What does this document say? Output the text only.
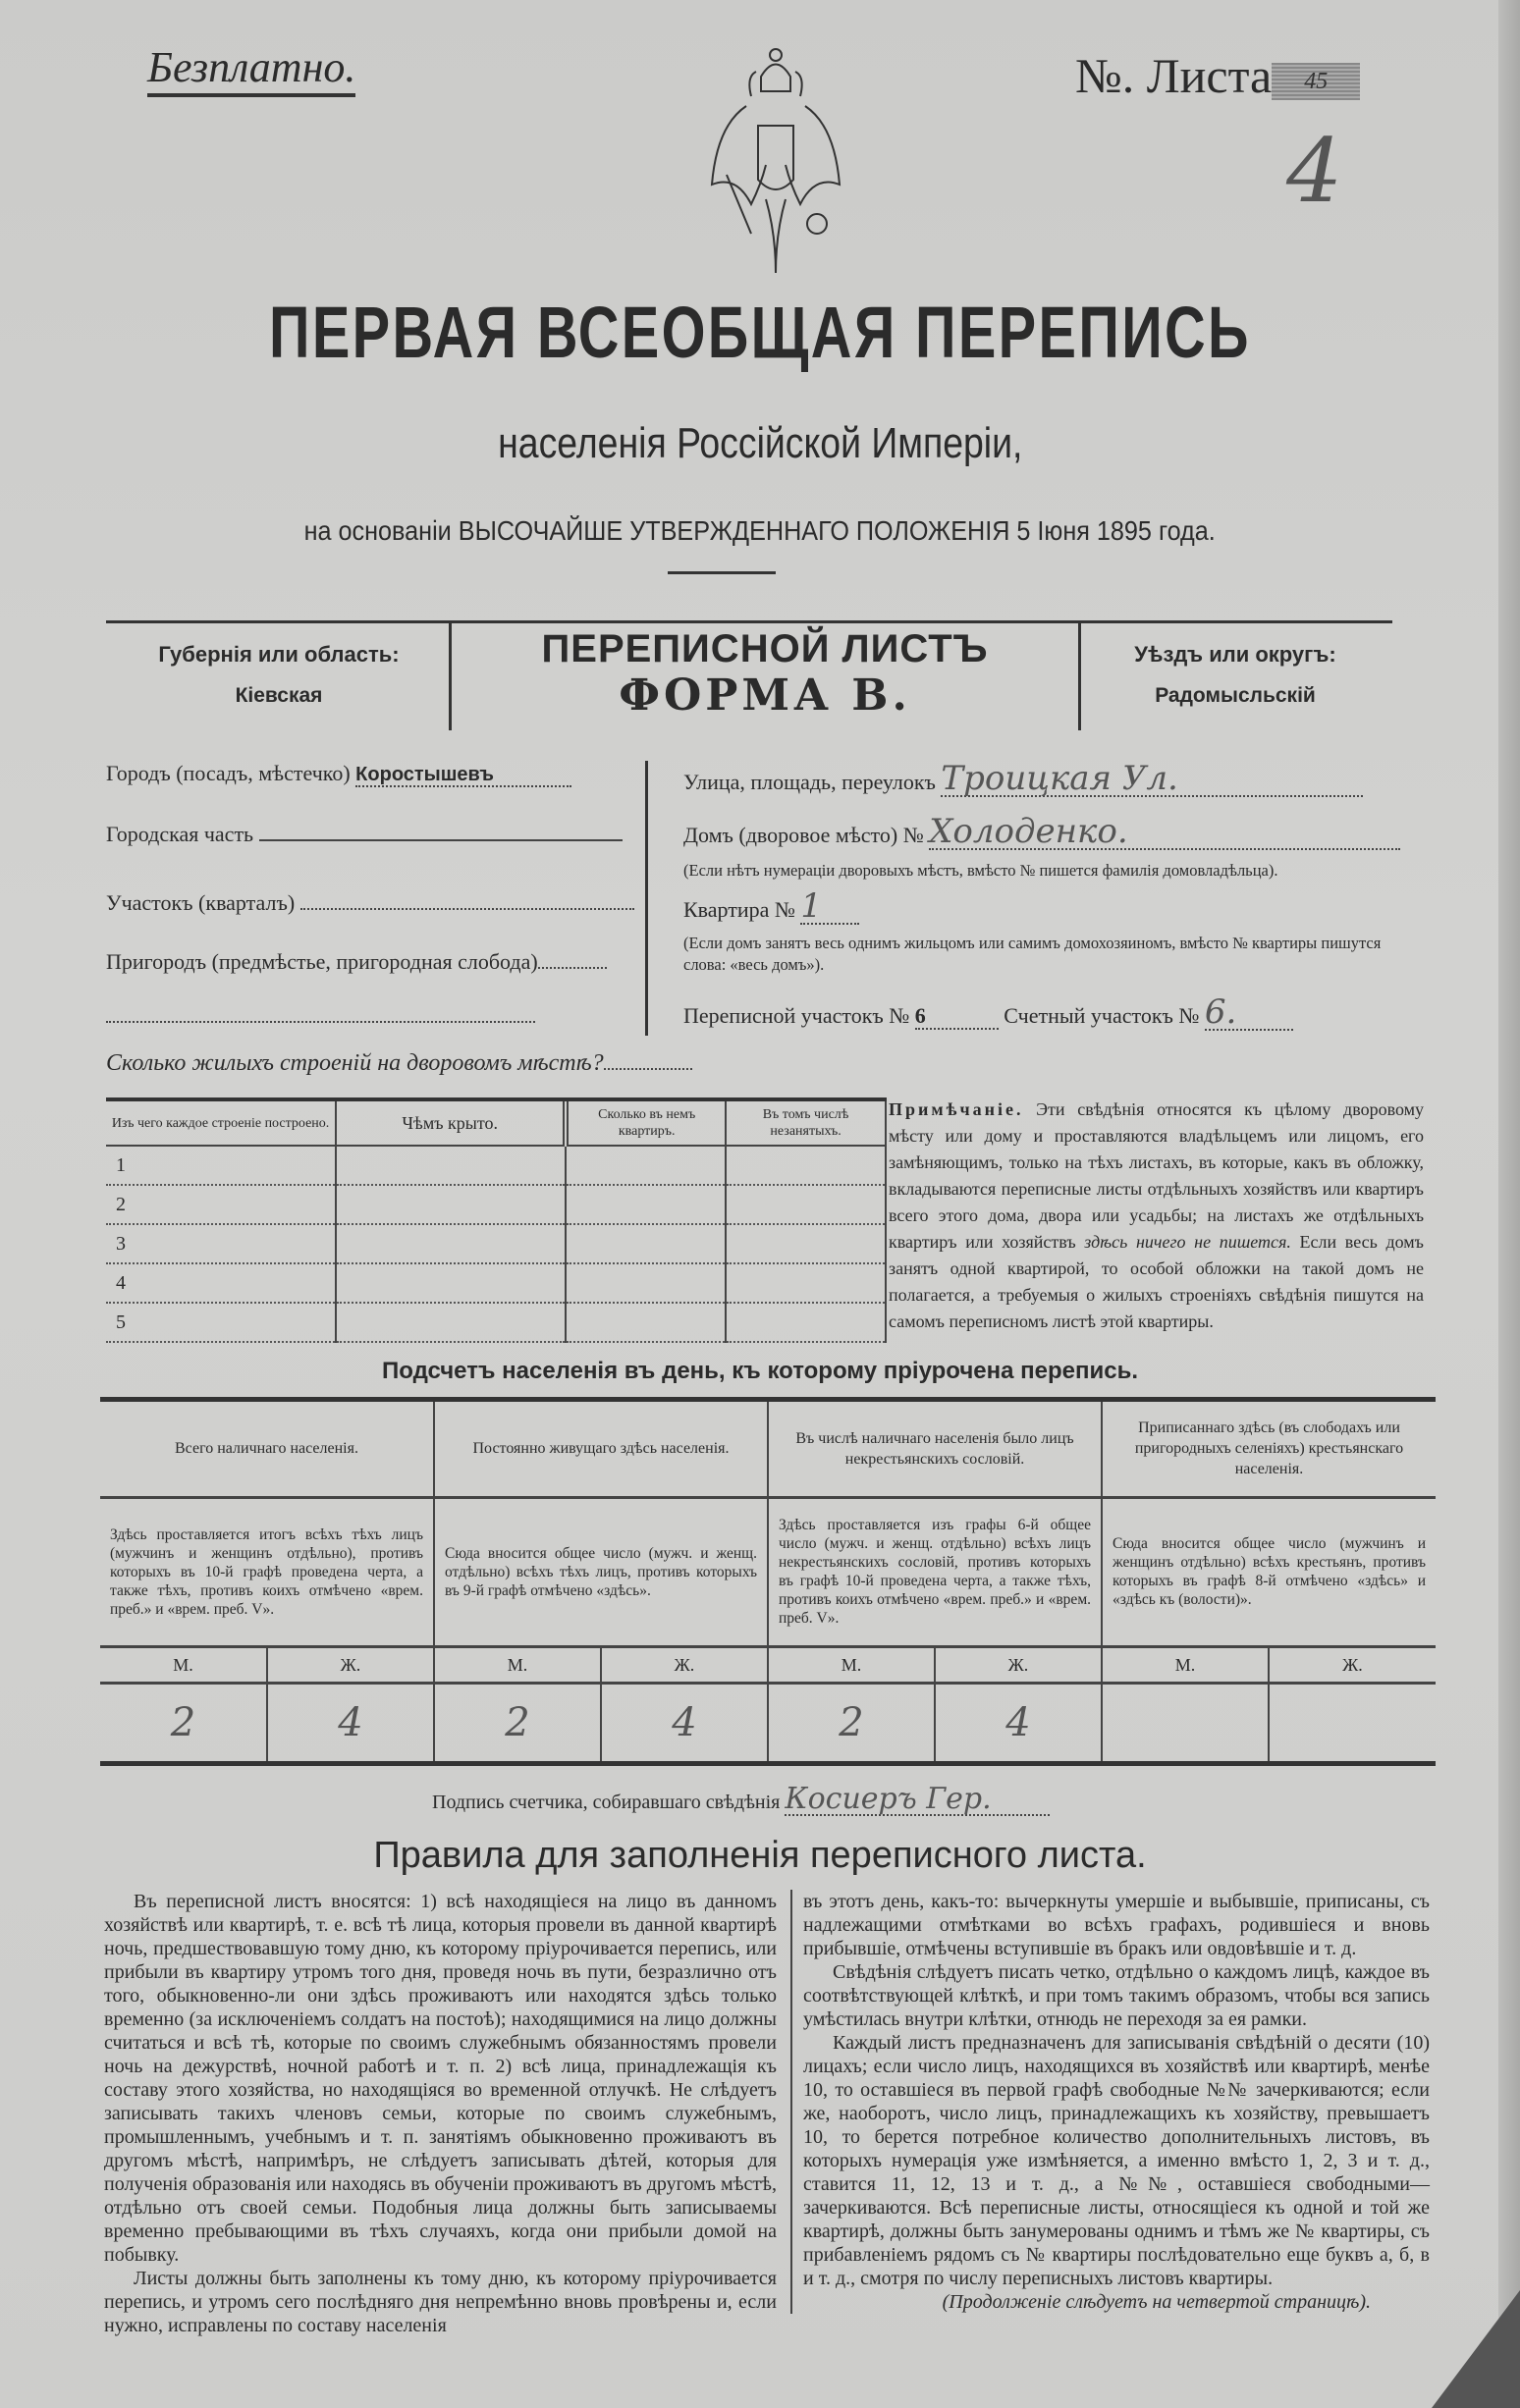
Безплатно.	№. Листа 45
4
ПЕРВАЯ ВСЕОБЩАЯ ПЕРЕПИСЬ
населенія Россійской Имперіи,
на основаніи ВЫСОЧАЙШЕ УТВЕРЖДЕННАГО ПОЛОЖЕНІЯ 5 Іюня 1895 года.
Губернія или область:
Кіевская
ПЕРЕПИСНОЙ ЛИСТЪ
ФОРМА В.
Уѣздъ или округъ:
Радомысльскій
Городъ (посадъ, мѣстечко) Коростышевъ
Городская часть
Участокъ (кварталъ)
Пригородъ (предмѣстье, пригородная слобода)
Улица, площадь, переулокъ Троицкая Ул.
Домъ (дворовое мѣсто) № Холоденко.
(Если нѣтъ нумераціи дворовыхъ мѣстъ, вмѣсто № пишется фамилія домовладѣльца).
Квартира № 1
(Если домъ занятъ весь однимъ жильцомъ или самимъ домохозяиномъ, вмѣсто № квартиры пишутся слова: «весь домъ»).
Переписной участокъ № 6	Счетный участокъ № 6.
Сколько жилыхъ строеній на дворовомъ мѣстѣ?
Изъ чего каждое строеніе построено.	Чѣмъ крыто.	Сколько въ немъ квартиръ.	Въ томъ числѣ незанятыхъ.
1			
2			
3			
4			
5			
Примѣчаніе. Эти свѣдѣнія относятся къ цѣлому дворовому мѣсту или дому и проставляются владѣльцемъ или лицомъ, его замѣняющимъ, только на тѣхъ листахъ, въ которые, какъ въ обложку, вкладываются переписные листы отдѣльныхъ хозяйствъ или квартиръ всего этого дома, двора или усадьбы; на листахъ же отдѣльныхъ квартиръ или хозяйствъ здѣсь ничего не пишется. Если весь домъ занятъ одной квартирой, то особой обложки на такой домъ не полагается, а требуемыя о жилыхъ строеніяхъ свѣдѣнія пишутся на самомъ переписномъ листѣ этой квартиры.
Подсчетъ населенія въ день, къ которому пріурочена перепись.
Всего наличнаго населенія.		Постоянно живущаго здѣсь населенія.		Въ числѣ наличнаго населенія было лицъ некрестьянскихъ сословій.		Приписаннаго здѣсь (въ слободахъ или пригородныхъ селеніяхъ) крестьянскаго населенія.	
Здѣсь проставляется итогъ всѣхъ тѣхъ лицъ (мужчинъ и женщинъ отдѣльно), противъ которыхъ въ 10-й графѣ проведена черта, а также тѣхъ, противъ коихъ отмѣчено «врем. преб.» и «врем. преб. V».		Сюда вносится общее число (мужч. и женщ. отдѣльно) всѣхъ тѣхъ лицъ, противъ которыхъ въ 9-й графѣ отмѣчено «здѣсь».		Здѣсь проставляется изъ графы 6-й общее число (мужч. и женщ. отдѣльно) всѣхъ лицъ некрестьянскихъ сословій, противъ которыхъ въ графѣ 10-й проведена черта, а также тѣхъ, противъ коихъ отмѣчено «врем. преб.» и «врем. преб. V».		Сюда вносится общее число (мужчинъ и женщинъ отдѣльно) всѣхъ крестьянъ, противъ которыхъ въ графѣ 8-й отмѣчено «здѣсь» и «здѣсь къ (волости)».	
М.	Ж.	М.	Ж.	М.	Ж.	М.	Ж.
2	4	2	4	2	4		
Подпись счетчика, собиравшаго свѣдѣнія Косиеръ Гер.
Правила для заполненія переписного листа.

Въ переписной листъ вносятся: 1) всѣ находящіеся на лицо въ данномъ хозяйствѣ или квартирѣ, т. е. всѣ тѣ лица, которыя провели въ данной квартирѣ ночь, предшествовавшую тому дню, къ которому пріурочивается перепись, или прибыли въ квартиру утромъ того дня, проведя ночь въ пути, безразлично отъ того, обыкновенно-ли они здѣсь проживаютъ или находятся здѣсь только временно (за исключеніемъ солдатъ на постоѣ); находящимися на лицо должны считаться и всѣ тѣ, которые по своимъ служебнымъ обязанностямъ провели ночь на дежурствѣ, ночной работѣ и т. п. 2) всѣ лица, принадлежащія къ составу этого хозяйства, но находящіяся во временной отлучкѣ. Не слѣдуетъ записывать такихъ членовъ семьи, которые по своимъ служебнымъ, промышленнымъ, учебнымъ и т. п. занятіямъ обыкновенно проживаютъ въ другомъ мѣстѣ, напримѣръ, не слѣдуетъ записывать дѣтей, которыя для полученія образованія или находясь въ обученіи проживаютъ въ другомъ мѣстѣ, отдѣльно отъ своей семьи. Подобныя лица должны быть записываемы временно пребывающими въ тѣхъ случаяхъ, когда они прибыли домой на побывку.

Листы должны быть заполнены къ тому дню, къ которому пріурочивается перепись, и утромъ сего послѣдняго дня непремѣнно вновь провѣрены и, если нужно, исправлены по составу населенія

въ этотъ день, какъ-то: вычеркнуты умершіе и выбывшіе, приписаны, съ надлежащими отмѣтками во всѣхъ графахъ, родившіеся и вновь прибывшіе, отмѣчены вступившіе въ бракъ или овдовѣвшіе и т. д.

Свѣдѣнія слѣдуетъ писать четко, отдѣльно о каждомъ лицѣ, каждое въ соотвѣтствующей клѣткѣ, и при томъ такимъ образомъ, чтобы вся запись умѣстилась внутри клѣтки, отнюдь не переходя за ея рамки.

Каждый листъ предназначенъ для записыванія свѣдѣній о десяти (10) лицахъ; если число лицъ, находящихся въ хозяйствѣ или квартирѣ, менѣе 10, то оставшіеся въ первой графѣ свободные №№ зачеркиваются; если же, наоборотъ, число лицъ, принадлежащихъ къ хозяйству, превышаетъ 10, то берется потребное количество дополнительныхъ листовъ, въ которыхъ нумерація уже измѣняется, а именно вмѣсто 1, 2, 3 и т. д., ставится 11, 12, 13 и т. д., а №№, оставшіеся свободными—зачеркиваются. Всѣ переписные листы, относящіеся къ одной и той же квартирѣ, должны быть занумерованы однимъ и тѣмъ же № квартиры, съ прибавленіемъ рядомъ съ № квартиры послѣдовательно еще буквъ а, б, в и т. д., смотря по числу переписныхъ листовъ квартиры.

(Продолженіе слѣдуетъ на четвертой страницѣ).
